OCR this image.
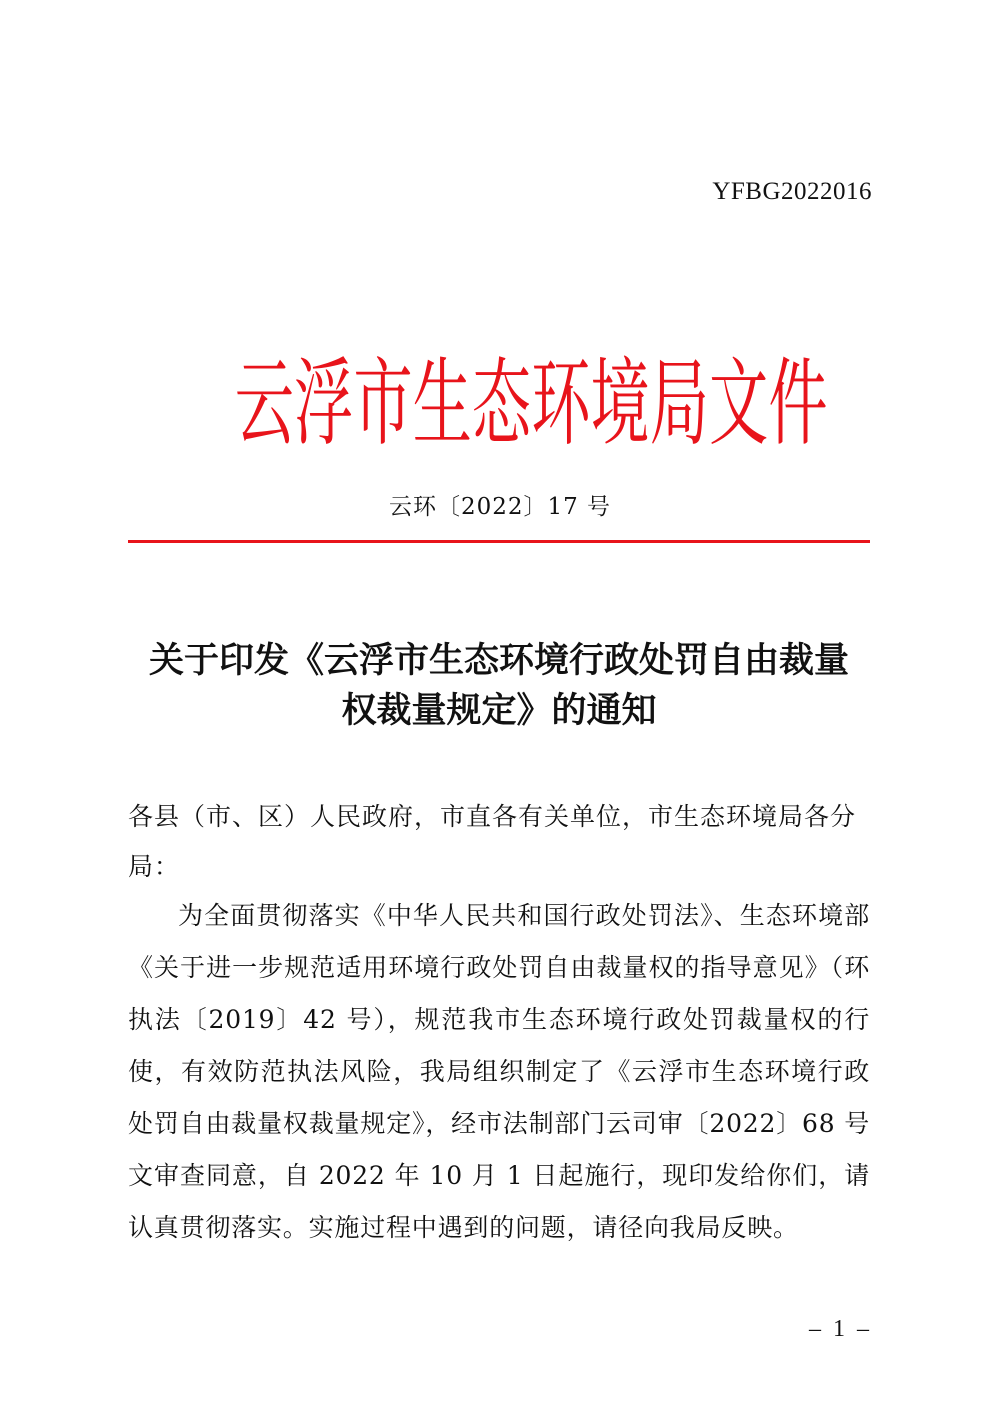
YFBG2022016
云 浮 市 生 态 环 境 局 文 件
云环〔2022〕17 号
关于印发《云浮市生态环境行政处罚自由裁量
权裁量规定》的通知
各县（市、区）人民政府，市直各有关单位，市生态环境局各分局：
为全面贯彻落实《中华人民共和国行政处罚法》、生态环境部《关于进一步规范适用环境行政处罚自由裁量权的指导意见》（环执法〔2019〕42 号），规范我市生态环境行政处罚裁量权的行使，有效防范执法风险，我局组织制定了《云浮市生态环境行政处罚自由裁量权裁量规定》，经市法制部门云司审〔2022〕68 号文审查同意，自 2022 年 10 月 1 日起施行，现印发给你们，请认真贯彻落实。实施过程中遇到的问题，请径向我局反映。
– 1 –
